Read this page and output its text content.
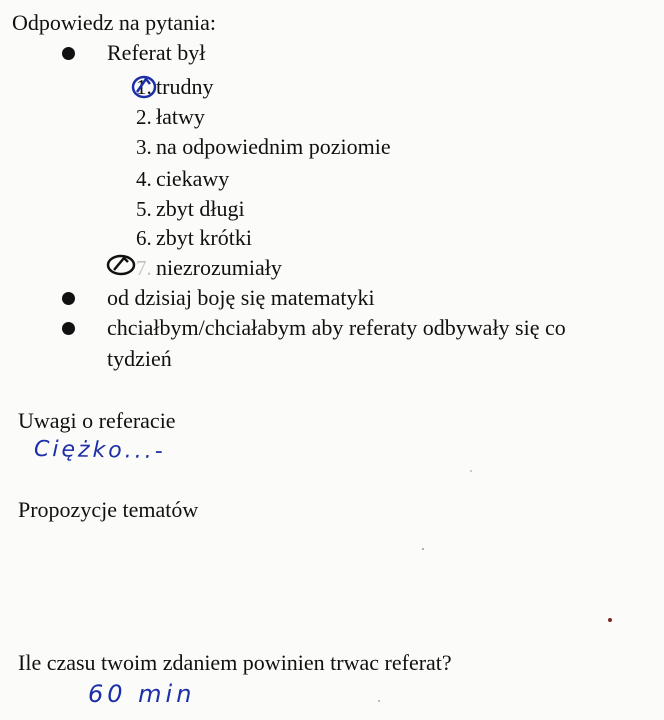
Odpowiedz na pytania:
Referat był
1. trudny
2. łatwy
3. na odpowiednim poziomie
4. ciekawy
5. zbyt długi
6. zbyt krótki
7. niezrozumiały
od dzisiaj boję się matematyki
chciałbym/chciałabym aby referaty odbywały się co
tydzień
Uwagi o referacie
Ciężko...-
Propozycje tematów
Ile czasu twoim zdaniem powinien trwac referat?
60 min
